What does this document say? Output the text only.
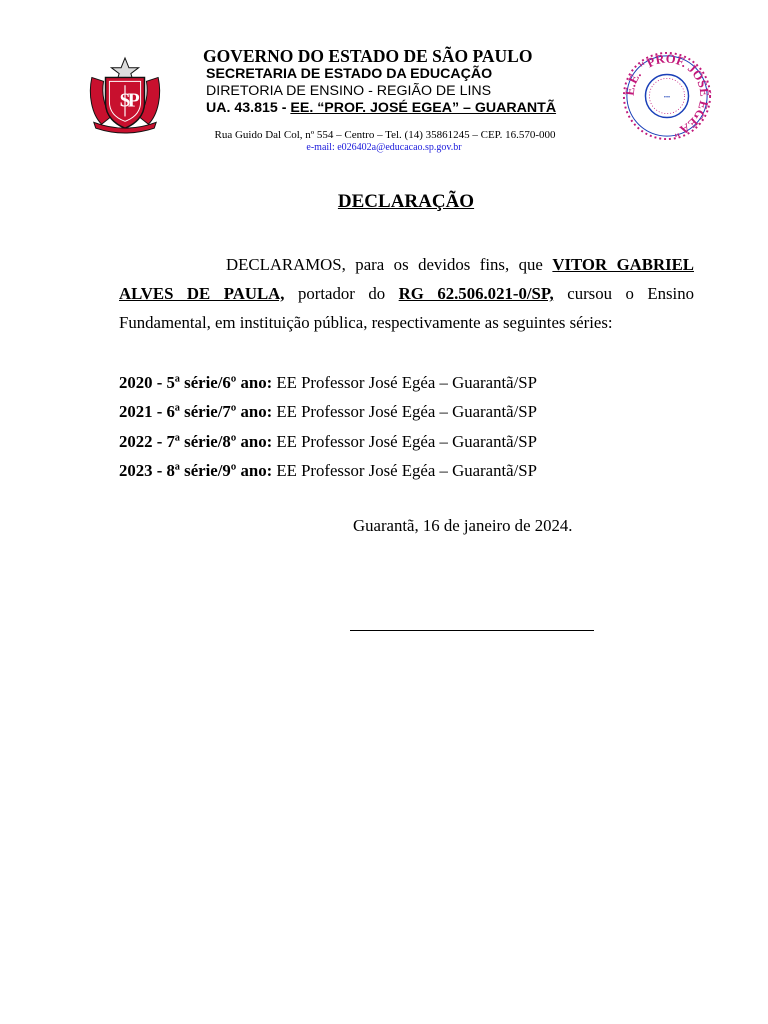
S
P	E.E. "PROF. JOSÉ EGEA"
•••

GOVERNO DO ESTADO DE SÃO PAULO

SECRETARIA DE ESTADO DA EDUCAÇÃO

DIRETORIA DE ENSINO - REGIÃO DE LINS

UA. 43.815 - EE. “PROF. JOSÉ EGEA” – GUARANTÃ

Rua Guido Dal Col, nº 554 – Centro – Tel. (14) 35861245 – CEP. 16.570-000
e-mail: e026402a@educacao.sp.gov.br
DECLARAÇÃO
DECLARAMOS, para os devidos fins, que VITOR GABRIEL ALVES DE PAULA, portador do RG 62.506.021-0/SP, cursou o Ensino Fundamental, em instituição pública, respectivamente as seguintes séries:
2020 - 5ª série/6º ano: EE Professor José Egéa – Guarantã/SP
2021 - 6ª série/7º ano: EE Professor José Egéa – Guarantã/SP
2022 - 7ª série/8º ano: EE Professor José Egéa – Guarantã/SP
2023 - 8ª série/9º ano: EE Professor José Egéa – Guarantã/SP
Guarantã, 16 de janeiro de 2024.
